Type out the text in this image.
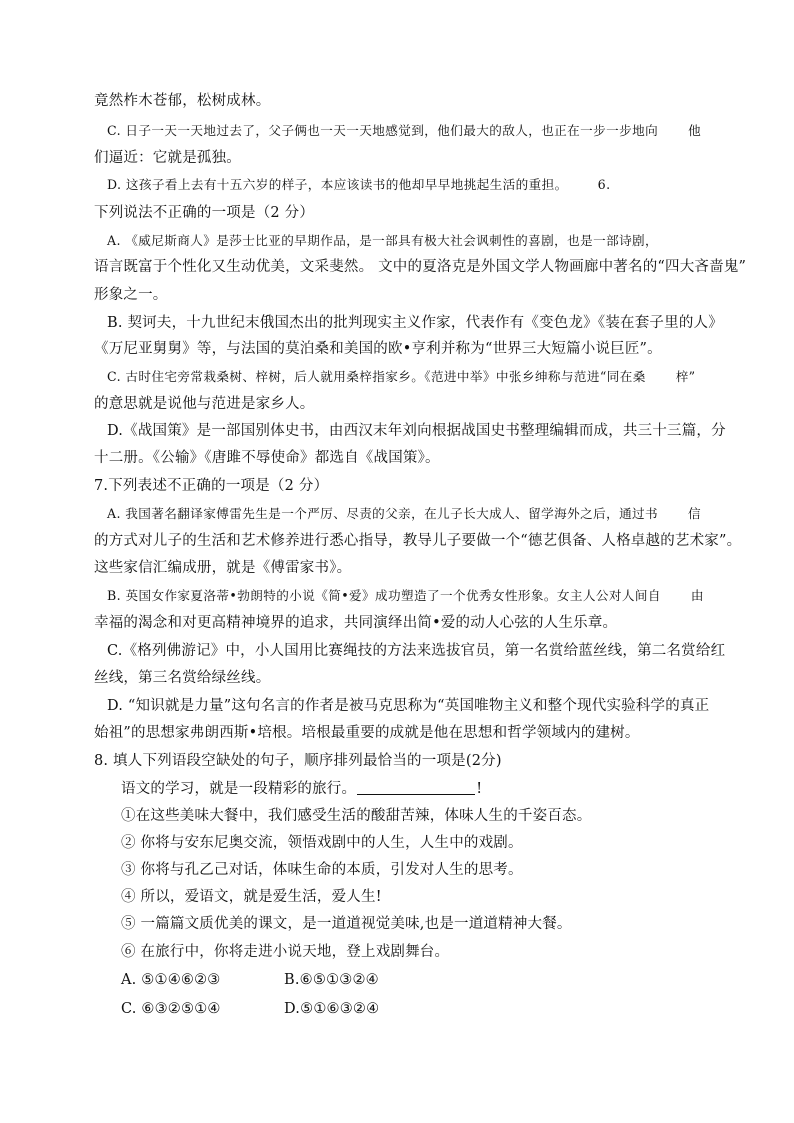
竟然柞木苍郁，松树成林。
C. 日子一天一天地过去了，父子俩也一天一天地感觉到，他们最大的敌人，也正在一步一步地向 他
们逼近：它就是孤独。
D. 这孩子看上去有十五六岁的样子，本应该读书的他却早早地挑起生活的重担。 6.
下列说法不正确的一项是（2 分）
A. 《威尼斯商人》是莎士比亚的早期作品，是一部具有极大社会讽刺性的喜剧，也是一部诗剧，
语言既富于个性化又生动优美，文采斐然。 文中的夏洛克是外国文学人物画廊中著名的“四大吝啬鬼”
形象之一。
B. 契诃夫，十九世纪末俄国杰出的批判现实主义作家，代表作有《变色龙》《装在套子里的人》
《万尼亚舅舅》等，与法国的莫泊桑和美国的欧•亨利并称为“世界三大短篇小说巨匠”。
C. 古时住宅旁常栽桑树、梓树，后人就用桑梓指家乡。《范进中举》中张乡绅称与范进“同在桑 梓”
的意思就是说他与范进是家乡人。
D.《战国策》是一部国别体史书，由西汉末年刘向根据战国史书整理编辑而成，共三十三篇，分
十二册。《公输》《唐雎不辱使命》都选自《战国策》。
7.下列表述不正确的一项是（2 分）
A. 我国著名翻译家傅雷先生是一个严厉、尽责的父亲，在儿子长大成人、留学海外之后，通过书 信
的方式对儿子的生活和艺术修养进行悉心指导，教导儿子要做一个“德艺俱备、人格卓越的艺术家”。
这些家信汇编成册，就是《傅雷家书》。
B. 英国女作家夏洛蒂•勃朗特的小说《简•爱》成功塑造了一个优秀女性形象。女主人公对人间自 由
幸福的渴念和对更高精神境界的追求，共同演绎出简•爱的动人心弦的人生乐章。
C.《格列佛游记》中，小人国用比赛绳技的方法来选拔官员，第一名赏给蓝丝线，第二名赏给红
丝线，第三名赏给绿丝线。
D. “知识就是力量”这句名言的作者是被马克思称为“英国唯物主义和整个现代实验科学的真正
始祖”的思想家弗朗西斯•培根。培根最重要的成就是他在思想和哲学领域内的建树。
8. 填人下列语段空缺处的句子，顺序排列最恰当的一项是(2分)
语文的学习，就是一段精彩的旅行。	!
①在这些美味大餐中，我们感受生活的酸甜苦辣，体味人生的千姿百态。
② 你将与安东尼奥交流，领悟戏剧中的人生，人生中的戏剧。
③ 你将与孔乙己对话，体味生命的本质，引发对人生的思考。
④ 所以，爱语文，就是爱生活，爱人生!
⑤ 一篇篇文质优美的课文，是一道道视觉美味,也是一道道精神大餐。
⑥ 在旅行中，你将走进小说天地，登上戏剧舞台。
A. ⑤①④⑥②③	B.⑥⑤①③②④
C. ⑥③②⑤①④	D.⑤①⑥③②④
